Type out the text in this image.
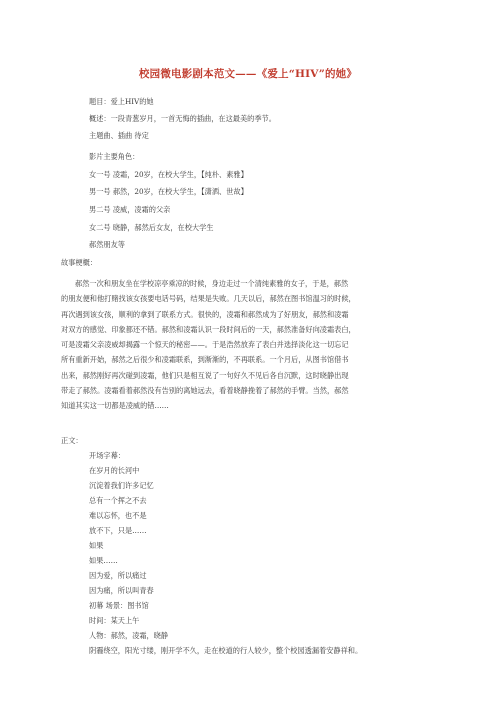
校园微电影剧本范文——《爱上“HIV”的她》
题目：爱上HIV的她
概述：一段青葱岁月，一首无悔的插曲，在这最美的季节。
主题曲、插曲 待定
影片主要角色：
女一号 凌霜，20岁，在校大学生，【纯朴、素雅】
男一号 郝然，20岁，在校大学生，【潇洒、世故】
男二号 凌威，凌霜的父亲
女二号 晓静，郝然后女友，在校大学生
郝然朋友等
故事梗概：
郝然一次和朋友坐在学校凉亭乘凉的时候，身边走过一个清纯素雅的女子，于是，郝然
的朋友便和他打赌找该女孩要电话号码，结果是失败。几天以后，郝然在图书馆温习的时候，
再次遇到该女孩，顺利的拿到了联系方式。很快的，凌霜和郝然成为了好朋友，郝然和凌霜
对双方的感觉、印象都还不错。郝然和凌霜认识一段时间后的一天，郝然准备好向凌霜表白，
可是凌霜父亲凌威却揭露一个惊天的秘密——。于是浩然放弃了表白并选择淡化这一切忘记
所有重新开始，郝然之后很少和凌霜联系，到渐渐的，不再联系。一个月后，从图书馆借书
出来，郝然刚好再次碰到凌霜，他们只是相互说了一句好久不见后各自沉默，这时晓静出现
带走了郝然。凌霜看着郝然没有告别的离她远去，看着晓静挽着了郝然的手臂。当然，郝然
知道其实这一切都是凌威的错……
正文：
开场字幕：
在岁月的长河中
沉淀着我们许多记忆
总有一个挥之不去
难以忘怀，也不是
放不下，只是……
如果
如果……
因为爱，所以痛过
因为痛，所以叫青春
初幕 场景：图书馆
时间：某天上午
人物：郝然，凌霜，晓静
阴霾绕空，阳光寸缕，刚开学不久，走在校道的行人较少，整个校园透漏着安静祥和。
